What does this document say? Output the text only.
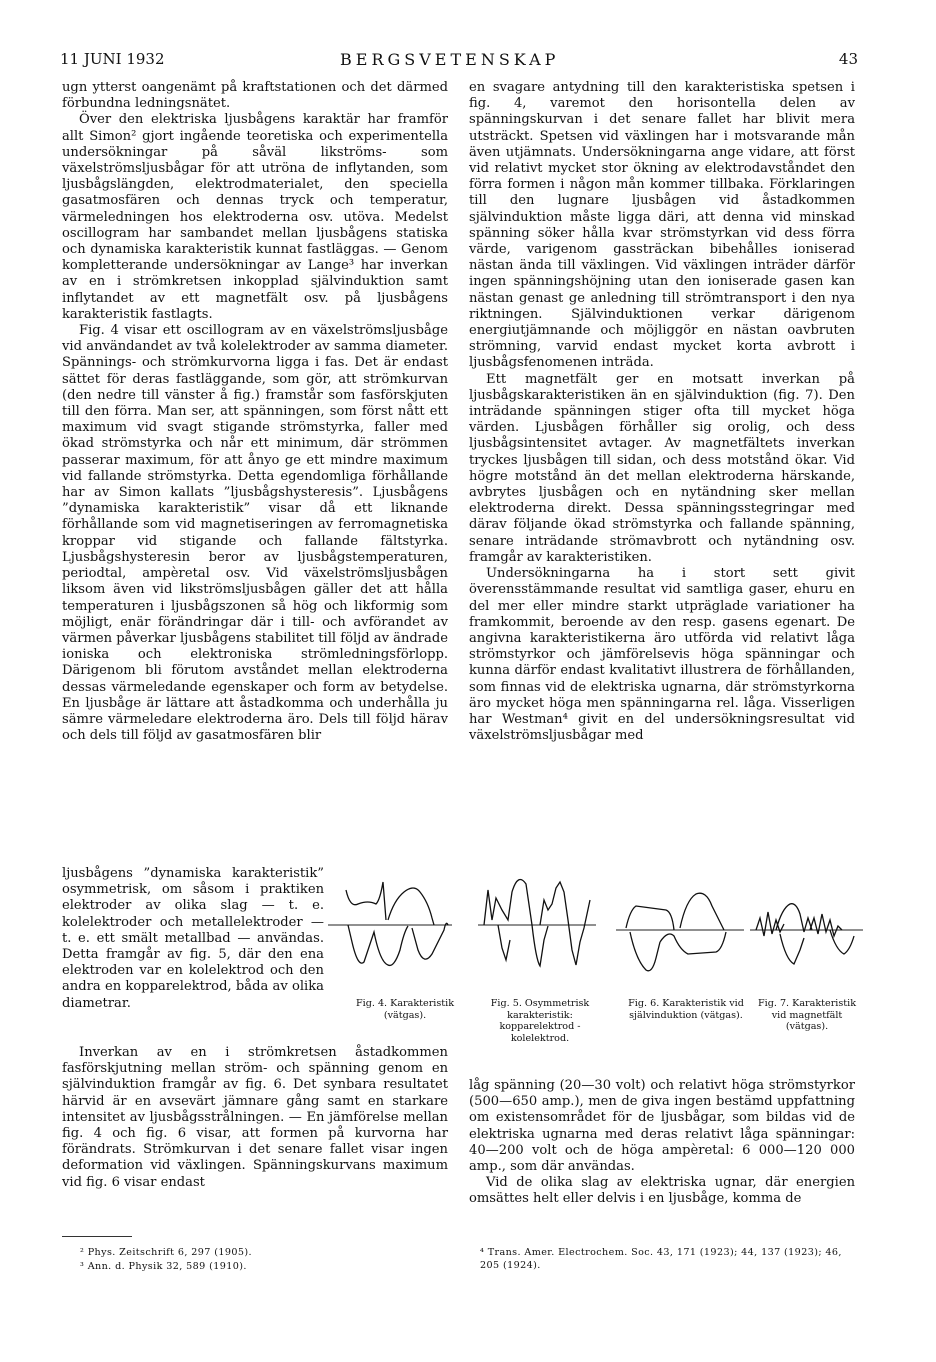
11 JUNI 1932	BERGSVETENSKAP	43

ugn ytterst oangenämt på kraftstationen och det därmed förbundna ledningsnätet.

Över den elektriska ljusbågens karaktär har framför allt Simon² gjort ingående teoretiska och experimentella undersökningar på såväl likströms- som växelströmsljusbågar för att utröna de inflytanden, som ljusbågslängden, elektrodmaterialet, den speciella gasatmosfären och dennas tryck och temperatur, värmeledningen hos elektroderna osv. utöva. Medelst oscillogram har sambandet mellan ljusbågens statiska och dynamiska karakteristik kunnat fastläggas. — Genom kompletterande undersökningar av Lange³ har inverkan av en i strömkretsen inkopplad självinduktion samt inflytandet av ett magnetfält osv. på ljusbågens karakteristik fastlagts.

Fig. 4 visar ett oscillogram av en växelströmsljusbåge vid användandet av två kolelektroder av samma diameter. Spännings- och strömkurvorna ligga i fas. Det är endast sättet för deras fastläggande, som gör, att strömkurvan (den nedre till vänster å fig.) framstår som fasförskjuten till den förra. Man ser, att spänningen, som först nått ett maximum vid svagt stigande strömstyrka, faller med ökad strömstyrka och når ett minimum, där strömmen passerar maximum, för att ånyo ge ett mindre maximum vid fallande strömstyrka. Detta egendomliga förhållande har av Simon kallats ”ljusbågshysteresis”. Ljusbågens ”dynamiska karakteristik” visar då ett liknande förhållande som vid magnetiseringen av ferromagnetiska kroppar vid stigande och fallande fältstyrka. Ljusbågshysteresin beror av ljusbågstemperaturen, periodtal, ampèretal osv. Vid växelströmsljusbågen liksom även vid likströmsljusbågen gäller det att hålla temperaturen i ljusbågszonen så hög och likformig som möjligt, enär förändringar där i till- och avförandet av värmen påverkar ljusbågens stabilitet till följd av ändrade ioniska och elektroniska strömledningsförlopp. Därigenom bli förutom avståndet mellan elektroderna dessas värmeledande egenskaper och form av betydelse. En ljusbåge är lättare att åstadkomma och underhålla ju sämre värmeledare elektroderna äro. Dels till följd härav och dels till följd av gasatmosfären blir

ljusbågens ”dynamiska karakteristik” osymmetrisk, om såsom i praktiken elektroder av olika slag — t. e. kolelektroder och metallelektroder — t. e. ett smält metallbad — användas. Detta framgår av fig. 5, där den ena elektroden var en kolelektrod och den andra en kopparelektrod, båda av olika diametrar.

Inverkan av en i strömkretsen åstadkommen fasförskjutning mellan ström- och spänning genom en självinduktion framgår av fig. 6. Det synbara resultatet härvid är en avsevärt jämnare gång samt en starkare intensitet av ljusbågsstrålningen. — En jämförelse mellan fig. 4 och fig. 6 visar, att formen på kurvorna har förändrats. Strömkurvan i det senare fallet visar ingen deformation vid växlingen. Spänningskurvans maximum vid fig. 6 visar endast

en svagare antydning till den karakteristiska spetsen i fig. 4, varemot den horisontella delen av spänningskurvan i det senare fallet har blivit mera utsträckt. Spetsen vid växlingen har i motsvarande mån även utjämnats. Undersökningarna ange vidare, att först vid relativt mycket stor ökning av elektrodavståndet den förra formen i någon mån kommer tillbaka. Förklaringen till den lugnare ljusbågen vid åstadkommen självinduktion måste ligga däri, att denna vid minskad spänning söker hålla kvar strömstyrkan vid dess förra värde, varigenom gassträckan bibehålles ioniserad nästan ända till växlingen. Vid växlingen inträder därför ingen spänningshöjning utan den ioniserade gasen kan nästan genast ge anledning till strömtransport i den nya riktningen. Självinduktionen verkar därigenom energiutjämnande och möjliggör en nästan oavbruten strömning, varvid endast mycket korta avbrott i ljusbågsfenomenen inträda.

Ett magnetfält ger en motsatt inverkan på ljusbågskarakteristiken än en självinduktion (fig. 7). Den inträdande spänningen stiger ofta till mycket höga värden. Ljusbågen förhåller sig orolig, och dess ljusbågsintensitet avtager. Av magnetfältets inverkan tryckes ljusbågen till sidan, och dess motstånd ökar. Vid högre motstånd än det mellan elektroderna härskande, avbrytes ljusbågen och en nytändning sker mellan elektroderna direkt. Dessa spänningsstegringar med därav följande ökad strömstyrka och fallande spänning, senare inträdande strömavbrott och nytändning osv. framgår av karakteristiken.

Undersökningarna ha i stort sett givit överensstämmande resultat vid samtliga gaser, ehuru en del mer eller mindre starkt utpräglade variationer ha framkommit, beroende av den resp. gasens egenart. De angivna karakteristikerna äro utförda vid relativt låga strömstyrkor och jämförelsevis höga spänningar och kunna därför endast kvalitativt illustrera de förhållanden, som finnas vid de elektriska ugnarna, där strömstyrkorna äro mycket höga men spänningarna rel. låga. Visserligen har Westman⁴ givit en del undersökningsresultat vid växelströmsljusbågar med

låg spänning (20—30 volt) och relativt höga strömstyrkor (500—650 amp.), men de giva ingen bestämd uppfattning om existensområdet för de ljusbågar, som bildas vid de elektriska ugnarna med deras relativt låga spänningar: 40—200 volt och de höga ampèretal: 6 000—120 000 amp., som där användas.

Vid de olika slag av elektriska ugnar, där energien omsättes helt eller delvis i en ljusbåge, komma de

Fig. 4. Karakteristik (vätgas).
Fig. 5. Osymmetrisk karakteristik: kopparelektrod - kolelektrod.
Fig. 6. Karakteristik vid självinduktion (vätgas).
Fig. 7. Karakteristik vid magnetfält (vätgas).
² Phys. Zeitschrift 6, 297 (1905).
³ Ann. d. Physik 32, 589 (1910).
⁴ Trans. Amer. Electrochem. Soc. 43, 171 (1923); 44, 137 (1923); 46, 205 (1924).
